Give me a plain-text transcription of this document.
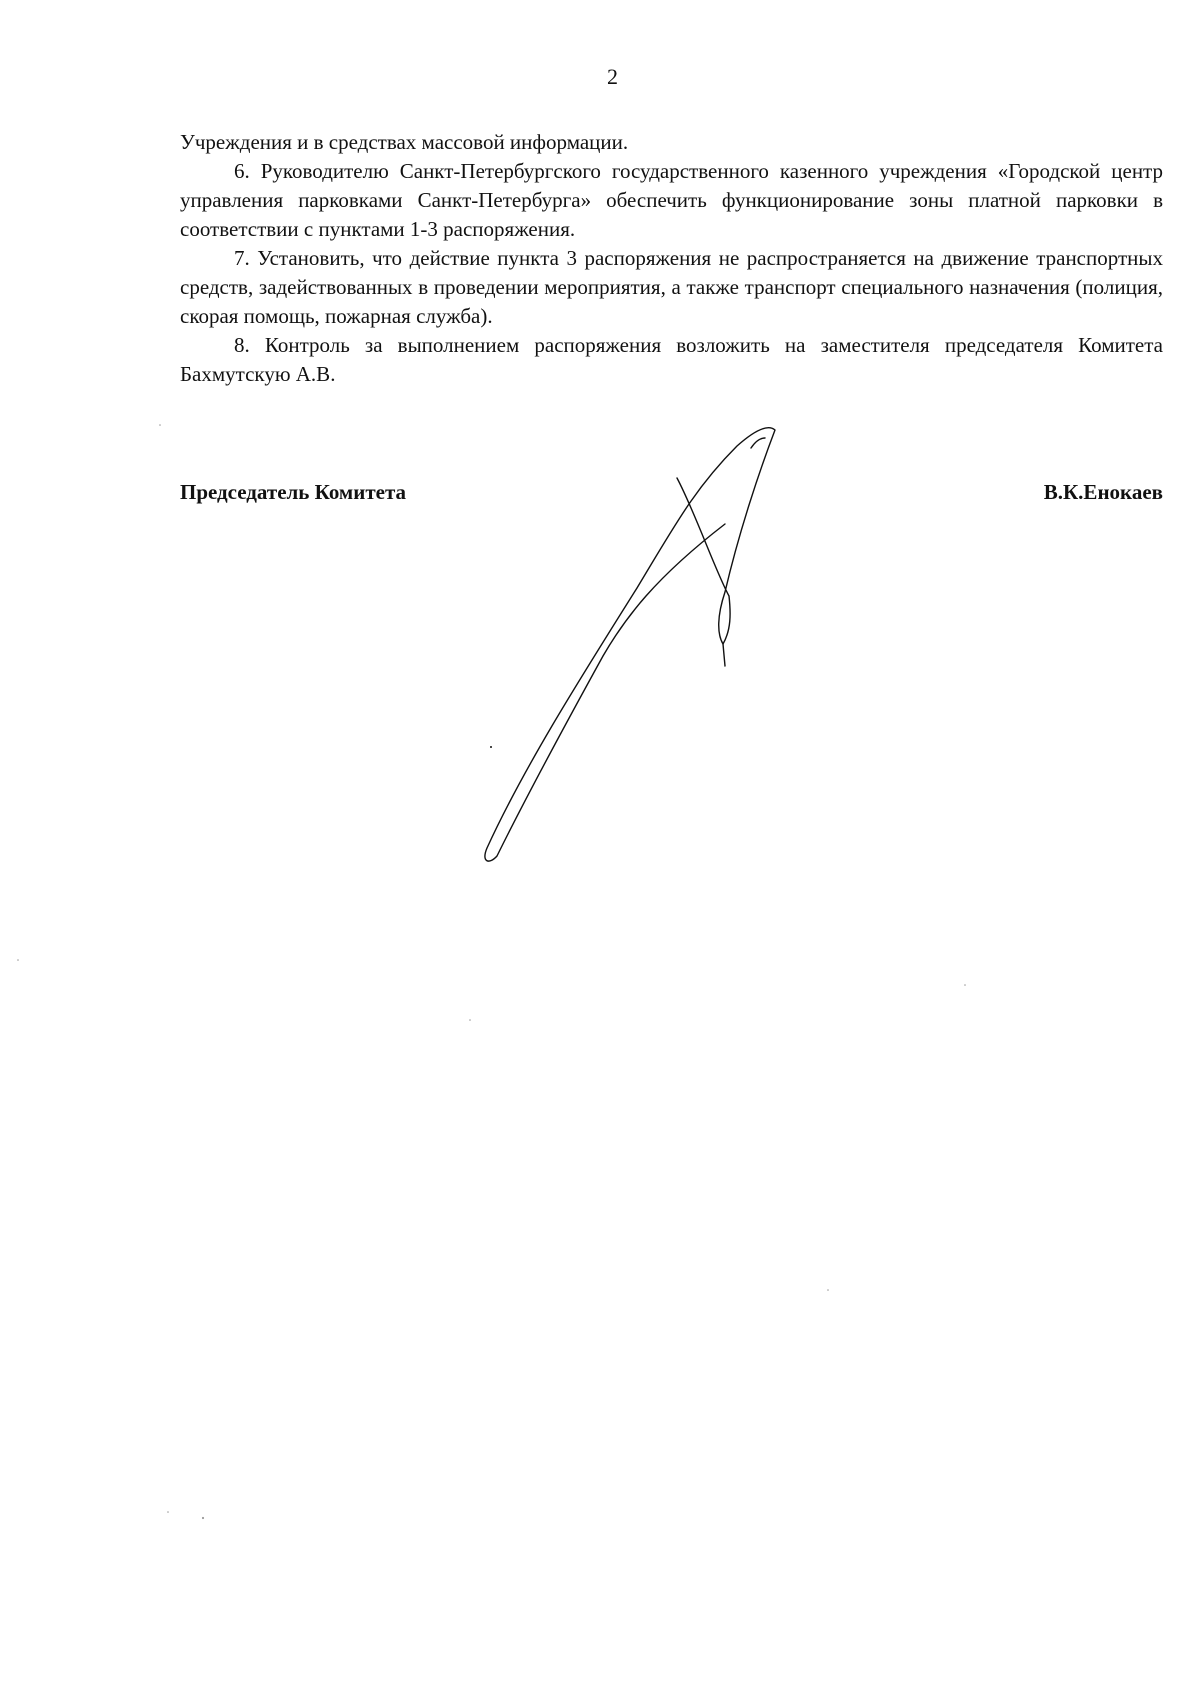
2

Учреждения и в средствах массовой информации.

6. Руководителю Санкт-Петербургского государственного казенного учреждения «Городской центр управления парковками Санкт-Петербурга» обеспечить функционирование зоны платной парковки в соответствии с пунктами 1-3 распоряжения.

7. Установить, что действие пункта 3 распоряжения не распространяется на движение транспортных средств, задействованных в проведении мероприятия, а также транспорт специального назначения (полиция, скорая помощь, пожарная служба).

8. Контроль за выполнением распоряжения возложить на заместителя председателя Комитета Бахмутскую А.В.

Председатель Комитета	В.К.Енокаев
